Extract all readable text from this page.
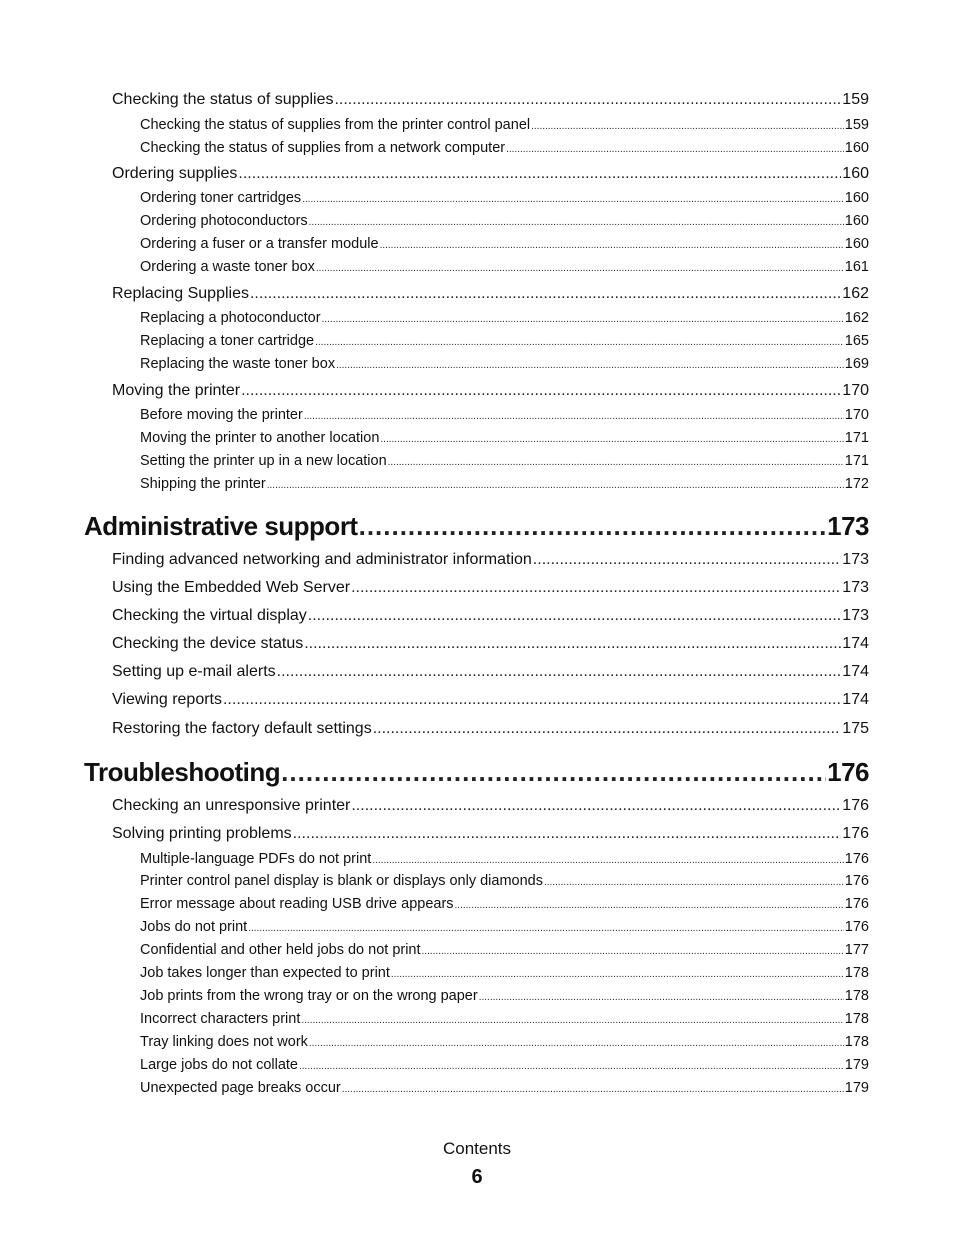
Checking the status of supplies .....	159
Checking the status of supplies from the printer control panel .....	159
Checking the status of supplies from a network computer .....	160
Ordering supplies .....	160
Ordering toner cartridges .....	160
Ordering photoconductors .....	160
Ordering a fuser or a transfer module .....	160
Ordering a waste toner box .....	161
Replacing Supplies .....	162
Replacing a photoconductor .....	162
Replacing a toner cartridge .....	165
Replacing the waste toner box .....	169
Moving the printer .....	170
Before moving the printer .....	170
Moving the printer to another location .....	171
Setting the printer up in a new location .....	171
Shipping the printer .....	172
Administrative support .....	173
Finding advanced networking and administrator information .....	173
Using the Embedded Web Server .....	173
Checking the virtual display .....	173
Checking the device status .....	174
Setting up e-mail alerts .....	174
Viewing reports .....	174
Restoring the factory default settings .....	175
Troubleshooting .....	176
Checking an unresponsive printer .....	176
Solving printing problems .....	176
Multiple-language PDFs do not print .....	176
Printer control panel display is blank or displays only diamonds .....	176
Error message about reading USB drive appears .....	176
Jobs do not print .....	176
Confidential and other held jobs do not print .....	177
Job takes longer than expected to print .....	178
Job prints from the wrong tray or on the wrong paper .....	178
Incorrect characters print .....	178
Tray linking does not work .....	178
Large jobs do not collate .....	179
Unexpected page breaks occur .....	179
Contents
6
